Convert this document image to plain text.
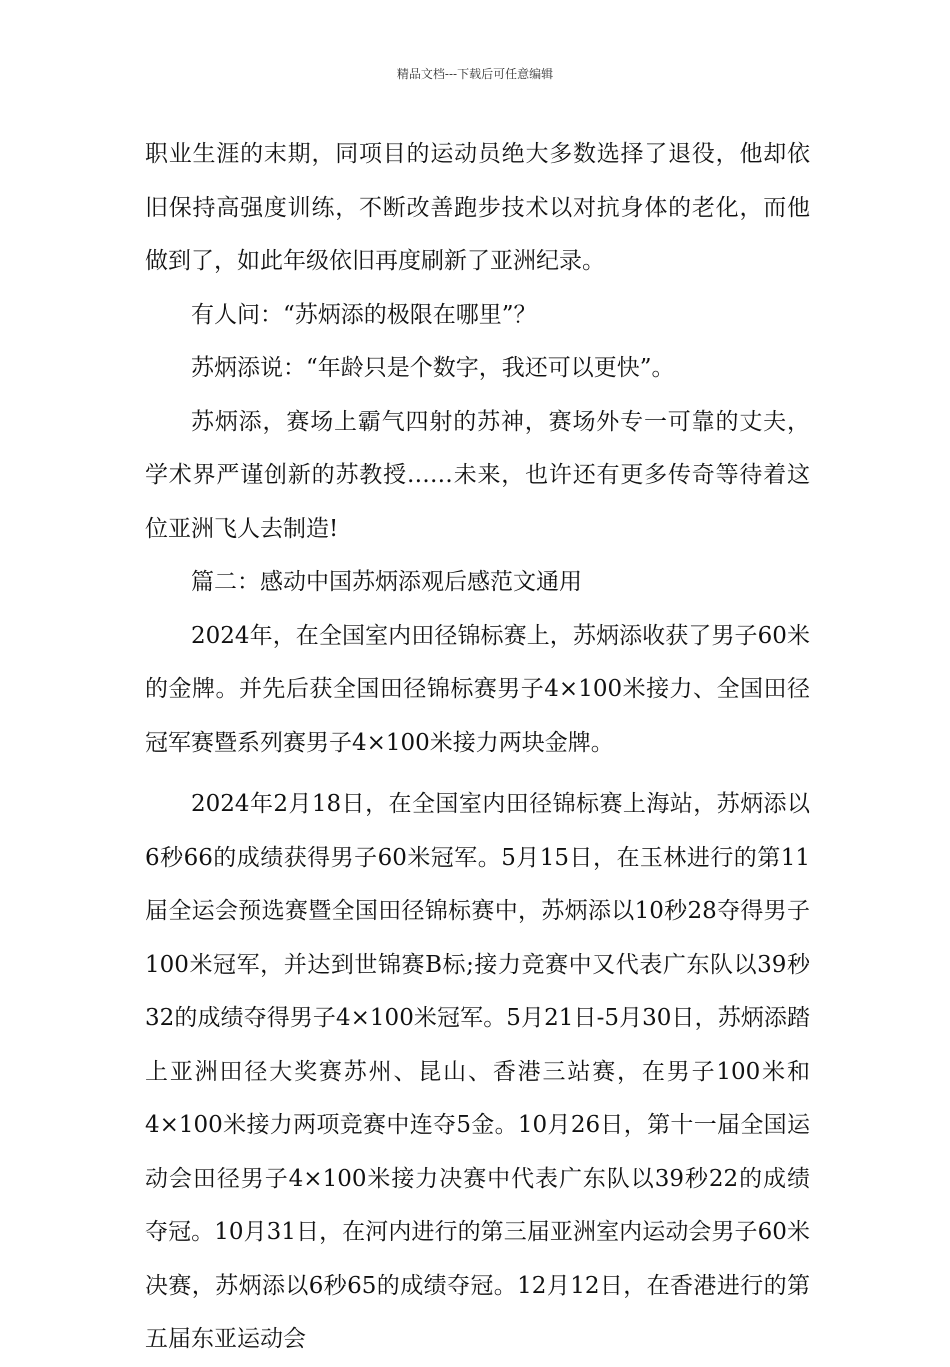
精品文档---下载后可任意编辑

职业生涯的末期，同项目的运动员绝大多数选择了退役，他却依旧保持高强度训练，不断改善跑步技术以对抗身体的老化，而他做到了，如此年级依旧再度刷新了亚洲纪录。

有人问：“苏炳添的极限在哪里”？

苏炳添说：“年龄只是个数字，我还可以更快”。

苏炳添，赛场上霸气四射的苏神，赛场外专一可靠的丈夫，学术界严谨创新的苏教授……未来，也许还有更多传奇等待着这位亚洲飞人去制造!

篇二：感动中国苏炳添观后感范文通用

2024年，在全国室内田径锦标赛上，苏炳添收获了男子60米的金牌。并先后获全国田径锦标赛男子4×100米接力、全国田径冠军赛暨系列赛男子4×100米接力两块金牌。

2024年2月18日，在全国室内田径锦标赛上海站，苏炳添以6秒66的成绩获得男子60米冠军。5月15日，在玉林进行的第11届全运会预选赛暨全国田径锦标赛中，苏炳添以10秒28夺得男子100米冠军，并达到世锦赛B标;接力竞赛中又代表广东队以39秒32的成绩夺得男子4×100米冠军。5月21日-5月30日，苏炳添踏上亚洲田径大奖赛苏州、昆山、香港三站赛，在男子100米和4×100米接力两项竞赛中连夺5金。10月26日，第十一届全国运动会田径男子4×100米接力决赛中代表广东队以39秒22的成绩夺冠。10月31日，在河内进行的第三届亚洲室内运动会男子60米决赛，苏炳添以6秒65的成绩夺冠。12月12日，在香港进行的第五届东亚运动会
